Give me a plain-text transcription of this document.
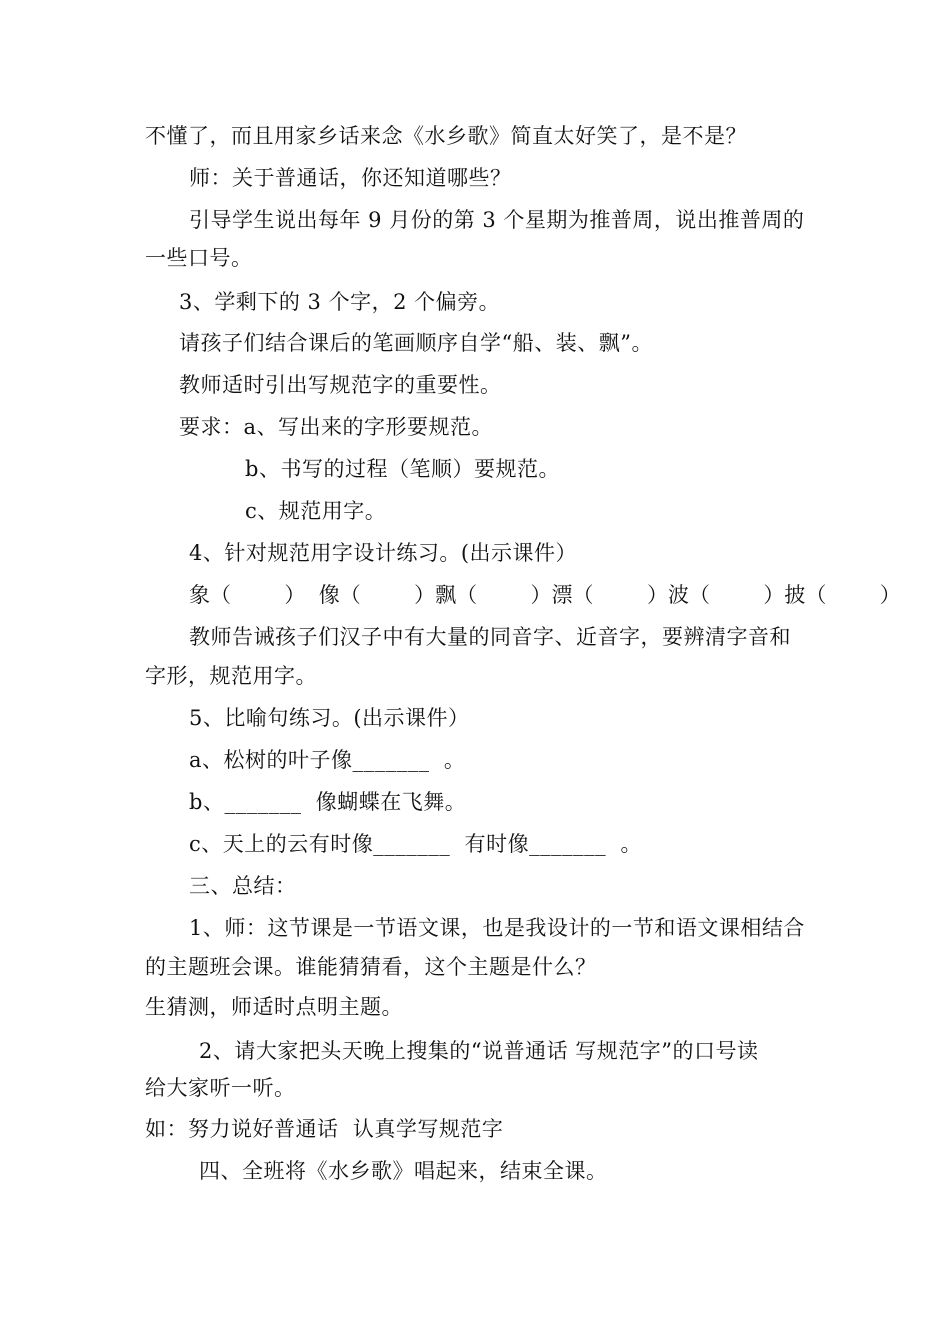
不懂了，而且用家乡话来念《水乡歌》简直太好笑了，是不是？
师：关于普通话，你还知道哪些？
引导学生说出每年 9 月份的第 3 个星期为推普周，说出推普周的
一些口号。
3、学剩下的 3 个字，2 个偏旁。
请孩子们结合课后的笔画顺序自学“船、装、飘”。
教师适时引出写规范字的重要性。
要求：a、写出来的字形要规范。
b、书写的过程（笔顺）要规范。
c、规范用字。
4、针对规范用字设计练习。(出示课件）
象（        ）  像（        ）飘（        ）漂（        ）波（        ）披（        ）
教师告诫孩子们汉子中有大量的同音字、近音字，要辨清字音和
字形，规范用字。
5、比喻句练习。(出示课件）
a、松树的叶子像_______  。
b、_______  像蝴蝶在飞舞。
c、天上的云有时像_______  有时像_______  。
三、总结：
1、师：这节课是一节语文课，也是我设计的一节和语文课相结合
的主题班会课。谁能猜猜看，这个主题是什么？
生猜测，师适时点明主题。
2、请大家把头天晚上搜集的“说普通话 写规范字”的口号读
给大家听一听。
如：努力说好普通话  认真学写规范字
四、全班将《水乡歌》唱起来，结束全课。
